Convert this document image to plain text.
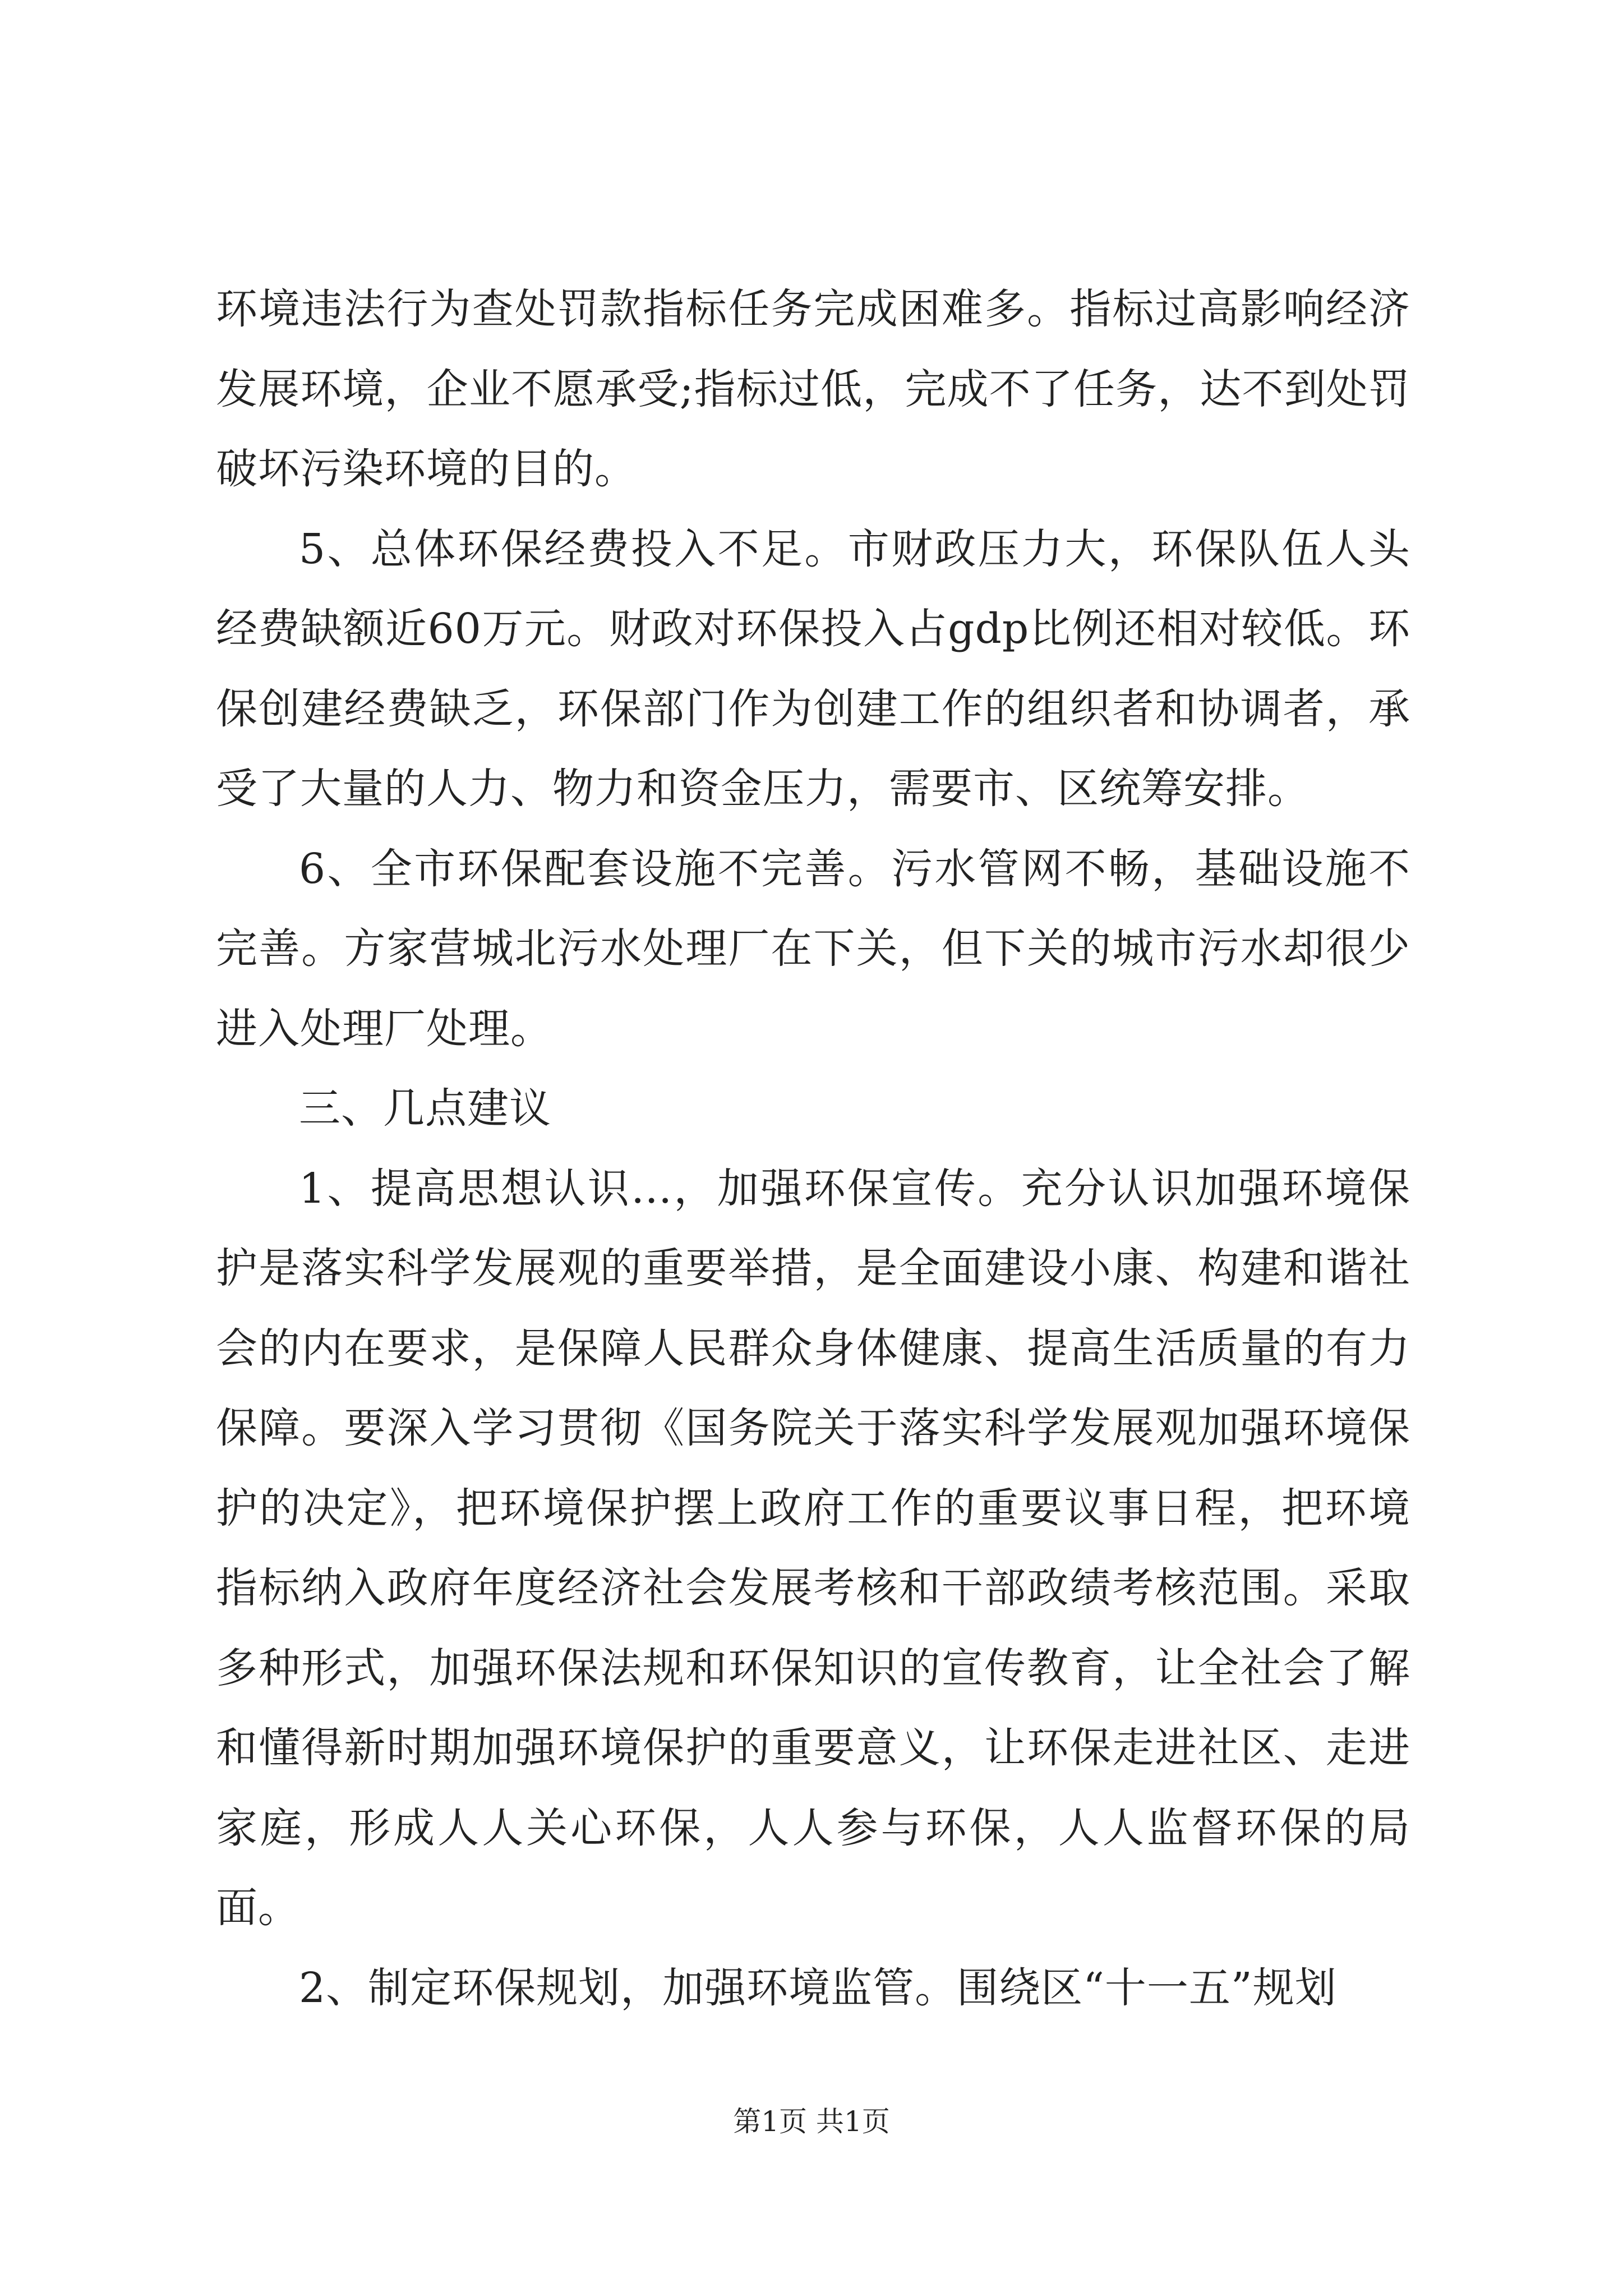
环境违法行为查处罚款指标任务完成困难多。指标过高影响经济发展环境，企业不愿承受;指标过低，完成不了任务，达不到处罚破坏污染环境的目的。

5、总体环保经费投入不足。市财政压力大，环保队伍人头经费缺额近60万元。财政对环保投入占gdp比例还相对较低。环保创建经费缺乏，环保部门作为创建工作的组织者和协调者，承受了大量的人力、物力和资金压力，需要市、区统筹安排。

6、全市环保配套设施不完善。污水管网不畅，基础设施不完善。方家营城北污水处理厂在下关，但下关的城市污水却很少进入处理厂处理。

三、几点建议

1、提高思想认识...，加强环保宣传。充分认识加强环境保护是落实科学发展观的重要举措，是全面建设小康、构建和谐社会的内在要求，是保障人民群众身体健康、提高生活质量的有力保障。要深入学习贯彻《国务院关于落实科学发展观加强环境保护的决定》，把环境保护摆上政府工作的重要议事日程，把环境指标纳入政府年度经济社会发展考核和干部政绩考核范围。采取多种形式，加强环保法规和环保知识的宣传教育，让全社会了解和懂得新时期加强环境保护的重要意义，让环保走进社区、走进家庭，形成人人关心环保，人人参与环保，人人监督环保的局面。

2、制定环保规划，加强环境监管。围绕区“十一五”规划

第1页 共1页
